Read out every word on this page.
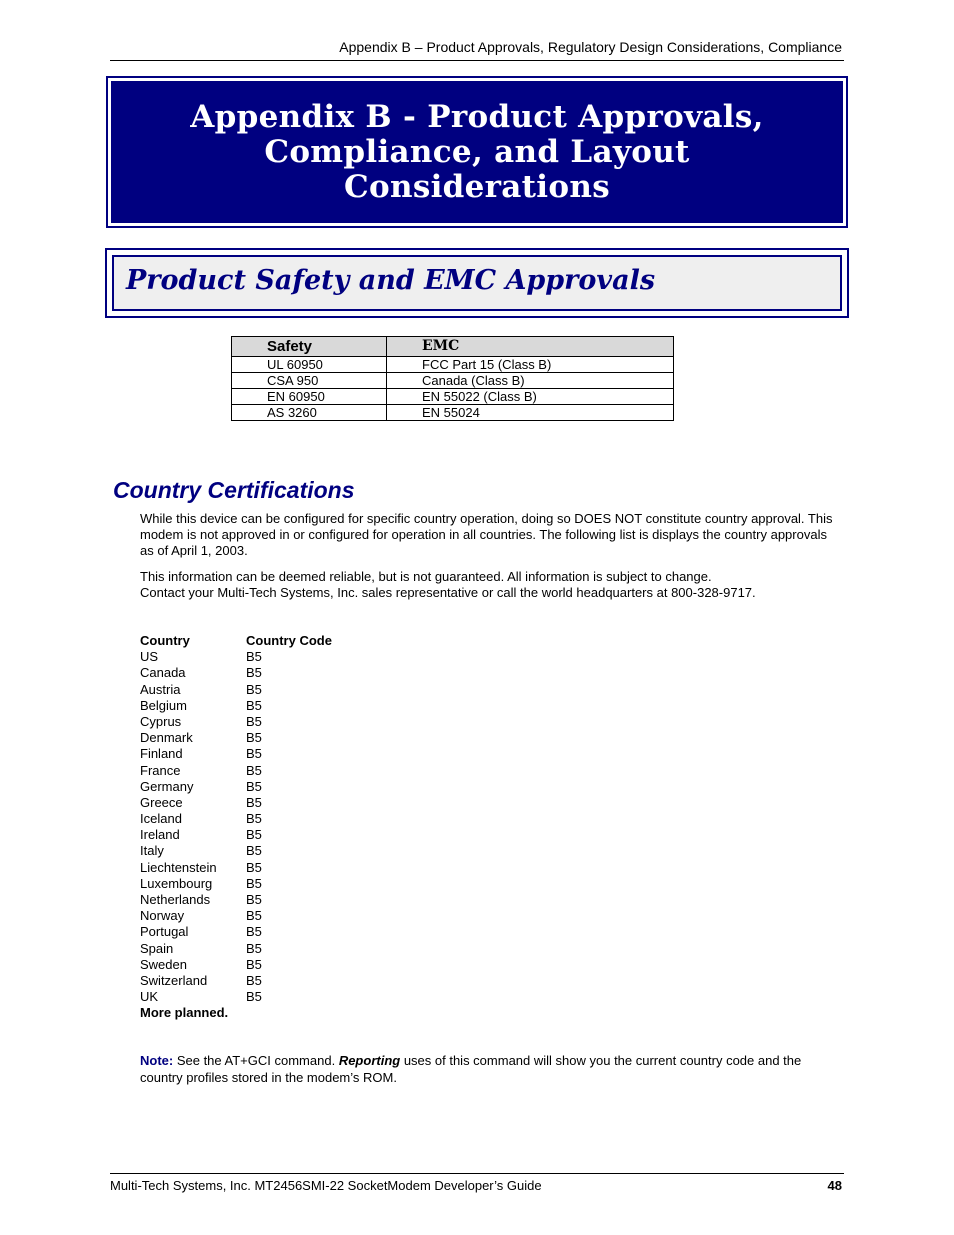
Appendix B – Product Approvals, Regulatory Design Considerations, Compliance
Appendix B - Product Approvals, Compliance, and Layout Considerations
Product Safety and EMC Approvals
Safety	EMC
UL 60950	FCC Part 15 (Class B)
CSA 950	Canada (Class B)
EN 60950	EN 55022 (Class B)
AS 3260	EN 55024
Country Certifications
While this device can be configured for specific country operation, doing so DOES NOT constitute country approval. This modem is not approved in or configured for operation in all countries. The following list is displays the country approvals as of April 1, 2003.
This information can be deemed reliable, but is not guaranteed. All information is subject to change.
Contact your Multi-Tech Systems, Inc. sales representative or call the world headquarters at 800-328-9717.
Country	Country Code
US	B5
Canada	B5
Austria	B5
Belgium	B5
Cyprus	B5
Denmark	B5
Finland	B5
France	B5
Germany	B5
Greece	B5
Iceland	B5
Ireland	B5
Italy	B5
Liechtenstein	B5
Luxembourg	B5
Netherlands	B5
Norway	B5
Portugal	B5
Spain	B5
Sweden	B5
Switzerland	B5
UK	B5
More planned.
Note: See the AT+GCI command. Reporting uses of this command will show you the current country code and the country profiles stored in the modem’s ROM.
Multi-Tech Systems, Inc. MT2456SMI-22 SocketModem Developer’s Guide	48
